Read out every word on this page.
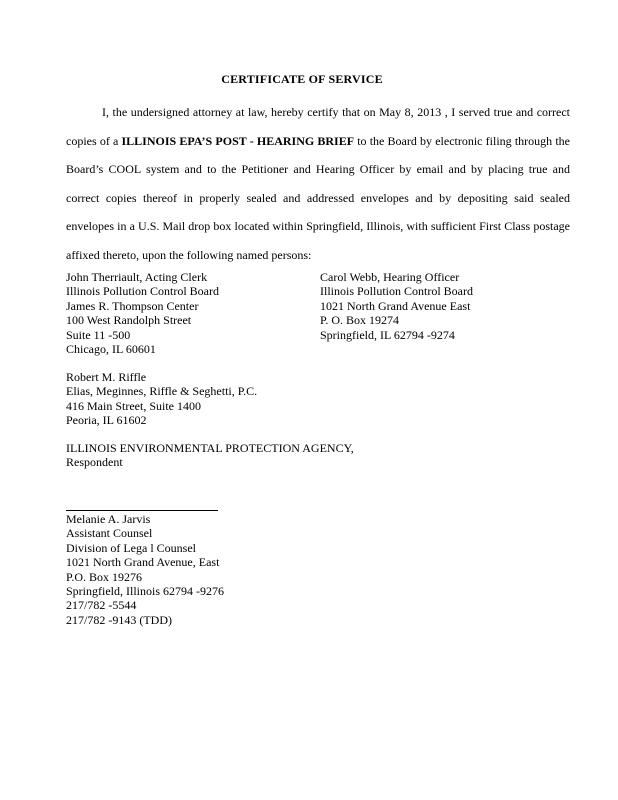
CERTIFICATE OF SERVICE

I, the undersigned attorney at law, hereby certify that on May 8, 2013 , I served true and correct copies of a ILLINOIS EPA’S POST - HEARING BRIEF to the Board by electronic filing through the Board’s COOL system and to the Petitioner and Hearing Officer by email and by placing true and correct copies thereof in properly sealed and addressed envelopes and by depositing said sealed envelopes in a U.S. Mail drop box located within Springfield, Illinois, with sufficient First Class postage affixed thereto, upon the following named persons:

John Therriault, Acting Clerk
Illinois Pollution Control Board
James R. Thompson Center
100 West Randolph Street
Suite 11 -500
Chicago, IL 60601
Carol Webb, Hearing Officer
Illinois Pollution Control Board
1021 North Grand Avenue East
P. O. Box 19274
Springfield, IL 62794 -9274
Robert M. Riffle
Elias, Meginnes, Riffle & Seghetti, P.C.
416 Main Street, Suite 1400
Peoria, IL 61602
ILLINOIS ENVIRONMENTAL PROTECTION AGENCY,
Respondent
Melanie A. Jarvis
Assistant Counsel
Division of Lega l Counsel
1021 North Grand Avenue, East
P.O. Box 19276
Springfield, Illinois 62794 -9276
217/782 -5544
217/782 -9143 (TDD)
